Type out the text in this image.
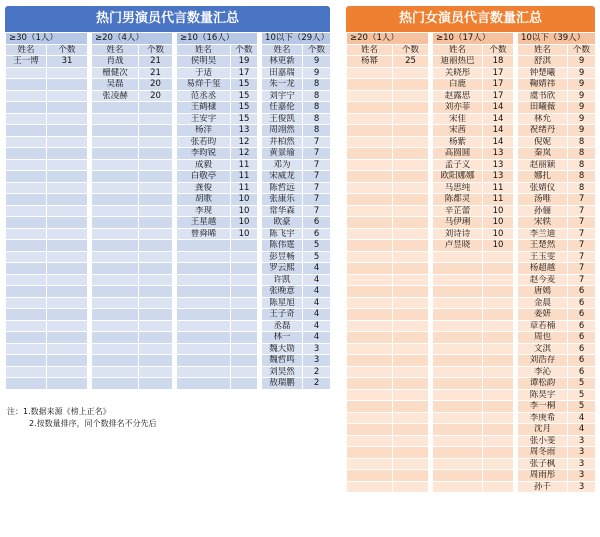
热门男演员代言数量汇总
≥30（1人）			≥20（4人）			≥10（16人）			10以下（29人）	
姓名	个数		姓名	个数		姓名	个数		姓名	个数
王一博	31		肖战	21		侯明昊	19		林更新	9
			檀健次	21		于适	17		田嘉瑞	9
			吴磊	20		易烊千玺	15		朱一龙	8
			张凌赫	20		范丞丞	15		刘宇宁	8
						王鹤棣	15		任嘉伦	8
						王安宇	15		王俊凯	8
						杨洋	13		周翊然	8
						张若昀	12		井柏然	7
						李昀锐	12		黄景瑜	7
						成毅	11		邓为	7
						白敬亭	11		宋威龙	7
						龚俊	11		陈哲远	7
						胡歌	10		张康乐	7
						李现	10		常华森	7
						王星越	10		欧豪	6
						曾舜晞	10		陈飞宇	6
									陈伟霆	5
									彭昱畅	5
									罗云熙	4
									许凯	4
									张晚意	4
									陈星旭	4
									王子奇	4
									丞磊	4
									林一	4
									魏大勋	3
									魏哲鸣	3
									刘昊然	2
									敖瑞鹏	2
热门女演员代言数量汇总
≥20（1人）			≥10（17人）			10以下（39人）	
姓名	个数		姓名	个数		姓名	个数
杨幂	25		迪丽热巴	18		舒淇	9
			关晓彤	17		钟楚曦	9
			白鹿	17		鞠婧祎	9
			赵露思	17		虞书欣	9
			刘亦菲	14		田曦薇	9
			宋佳	14		林允	9
			宋茜	14		祝绪丹	9
			杨紫	14		倪妮	8
			高圆圆	13		秦岚	8
			孟子义	13		赵丽颖	8
			欧阳娜娜	13		娜扎	8
			马思纯	11		张婧仪	8
			陈都灵	11		汤唯	7
			辛芷蕾	10		孙俪	7
			马伊琍	10		宋轶	7
			刘诗诗	10		李兰迪	7
			卢昱晓	10		王楚然	7
						王玉雯	7
						杨超越	7
						赵今麦	7
						唐嫣	6
						金晨	6
						姜妍	6
						章若楠	6
						周也	6
						文淇	6
						刘浩存	6
						李沁	6
						谭松韵	5
						陈昊宇	5
						李一桐	5
						李庚希	4
						沈月	4
						张小斐	3
						周冬雨	3
						张子枫	3
						周雨彤	3
						孙千	3
注：1.数据来源《榜上正名》
2.按数量排序，同个数排名不分先后
